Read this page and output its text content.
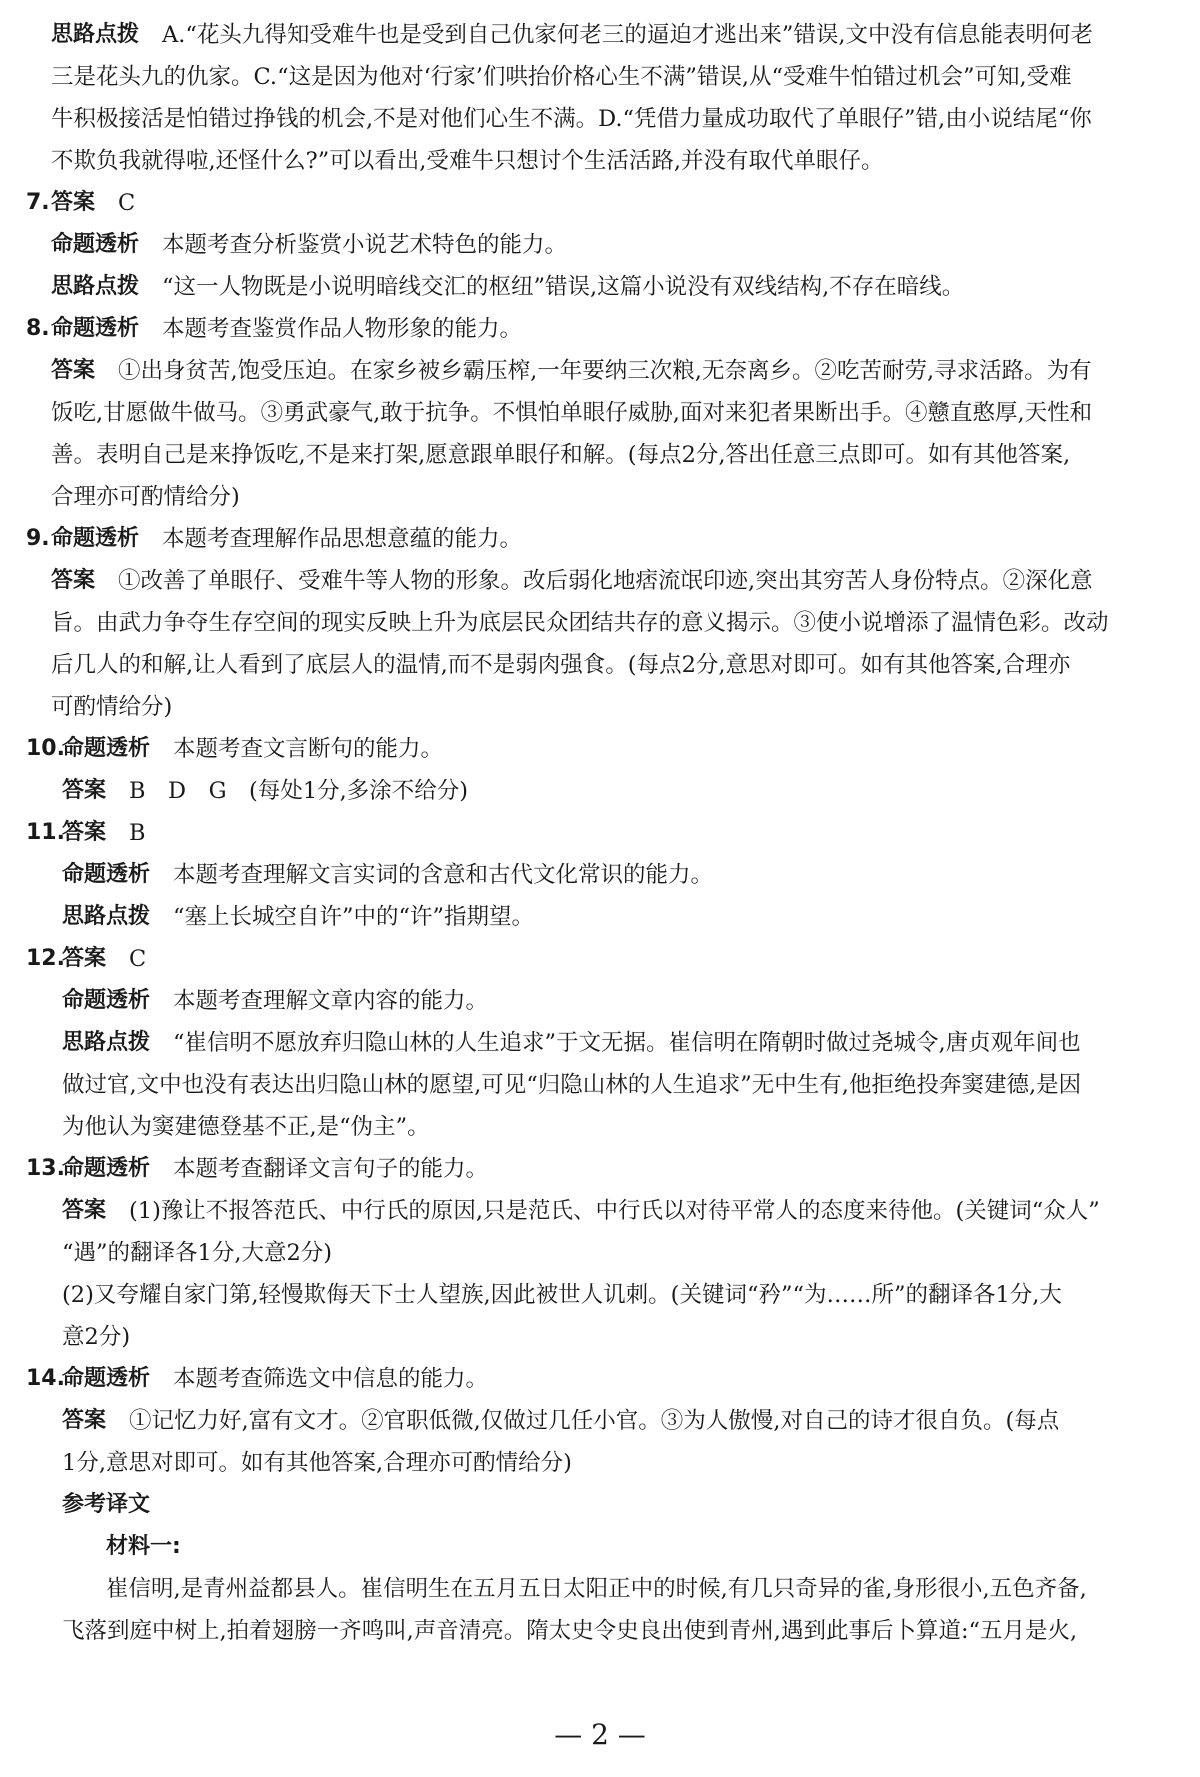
思路点拨 A.“花头九得知受难牛也是受到自己仇家何老三的逼迫才逃出来”错误,文中没有信息能表明何老
三是花头九的仇家。C.“这是因为他对‘行家’们哄抬价格心生不满”错误,从“受难牛怕错过机会”可知,受难
牛积极接活是怕错过挣钱的机会,不是对他们心生不满。D.“凭借力量成功取代了单眼仔”错,由小说结尾“你
不欺负我就得啦,还怪什么?”可以看出,受难牛只想讨个生活活路,并没有取代单眼仔。
7. 答案 C
命题透析 本题考查分析鉴赏小说艺术特色的能力。
思路点拨 “这一人物既是小说明暗线交汇的枢纽”错误,这篇小说没有双线结构,不存在暗线。
8. 命题透析 本题考查鉴赏作品人物形象的能力。
答案 ①出身贫苦,饱受压迫。在家乡被乡霸压榨,一年要纳三次粮,无奈离乡。②吃苦耐劳,寻求活路。为有
饭吃,甘愿做牛做马。③勇武豪气,敢于抗争。不惧怕单眼仔威胁,面对来犯者果断出手。④戆直憨厚,天性和
善。表明自己是来挣饭吃,不是来打架,愿意跟单眼仔和解。(每点2分,答出任意三点即可。如有其他答案,
合理亦可酌情给分)
9. 命题透析 本题考查理解作品思想意蕴的能力。
答案 ①改善了单眼仔、受难牛等人物的形象。改后弱化地痞流氓印迹,突出其穷苦人身份特点。②深化意
旨。由武力争夺生存空间的现实反映上升为底层民众团结共存的意义揭示。③使小说增添了温情色彩。改动
后几人的和解,让人看到了底层人的温情,而不是弱肉强食。(每点2分,意思对即可。如有其他答案,合理亦
可酌情给分)
10.
命题透析 本题考查文言断句的能力。
答案 B　D　G　(每处1分,多涂不给分)
11.
答案 B
命题透析 本题考查理解文言实词的含意和古代文化常识的能力。
思路点拨 “塞上长城空自许”中的“许”指期望。
12.
答案 C
命题透析 本题考查理解文章内容的能力。
思路点拨 “崔信明不愿放弃归隐山林的人生追求”于文无据。崔信明在隋朝时做过尧城令,唐贞观年间也
做过官,文中也没有表达出归隐山林的愿望,可见“归隐山林的人生追求”无中生有,他拒绝投奔窦建德,是因
为他认为窦建德登基不正,是“伪主”。
13.
命题透析 本题考查翻译文言句子的能力。
答案 (1)豫让不报答范氏、中行氏的原因,只是范氏、中行氏以对待平常人的态度来待他。(关键词“众人”
“遇”的翻译各1分,大意2分)
(2)又夸耀自家门第,轻慢欺侮天下士人望族,因此被世人讥刺。(关键词“矜”“为……所”的翻译各1分,大
意2分)
14.
命题透析 本题考查筛选文中信息的能力。
答案 ①记忆力好,富有文才。②官职低微,仅做过几任小官。③为人傲慢,对自己的诗才很自负。(每点
1分,意思对即可。如有其他答案,合理亦可酌情给分)
参考译文
材料一:
崔信明,是青州益都县人。崔信明生在五月五日太阳正中的时候,有几只奇异的雀,身形很小,五色齐备,
飞落到庭中树上,拍着翅膀一齐鸣叫,声音清亮。隋太史令史良出使到青州,遇到此事后卜算道:“五月是火,
— 2 —
